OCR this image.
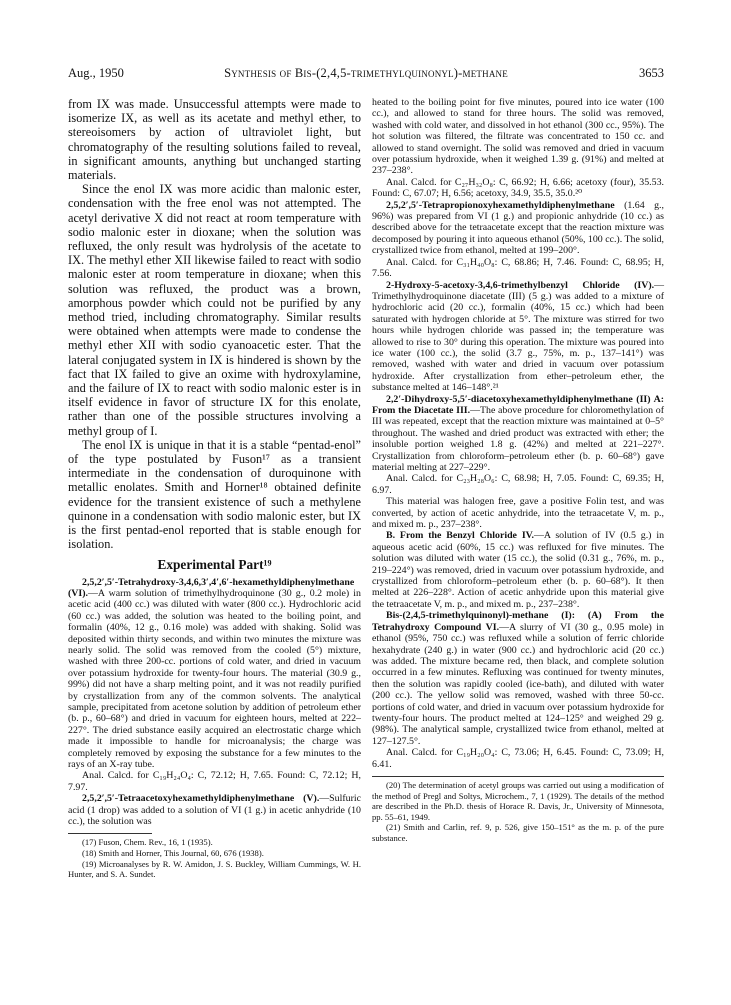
Aug., 1950	Synthesis of Bis-(2,4,5-trimethylquinonyl)-methane	3653

from IX was made. Unsuccessful attempts were made to isomerize IX, as well as its acetate and methyl ether, to stereoisomers by action of ultraviolet light, but chromatography of the resulting solutions failed to reveal, in significant amounts, anything but unchanged starting materials.

Since the enol IX was more acidic than malonic ester, condensation with the free enol was not attempted. The acetyl derivative X did not react at room temperature with sodio malonic ester in dioxane; when the solution was refluxed, the only result was hydrolysis of the acetate to IX. The methyl ether XII likewise failed to react with sodio malonic ester at room temperature in dioxane; when this solution was refluxed, the product was a brown, amorphous powder which could not be purified by any method tried, including chromatography. Similar results were obtained when attempts were made to condense the methyl ether XII with sodio cyanoacetic ester. That the lateral conjugated system in IX is hindered is shown by the fact that IX failed to give an oxime with hydroxylamine, and the failure of IX to react with sodio malonic ester is in itself evidence in favor of structure IX for this enolate, rather than one of the possible structures involving a methyl group of I.

The enol IX is unique in that it is a stable “pentad-enol” of the type postulated by Fuson¹⁷ as a transient intermediate in the condensation of duroquinone with metallic enolates. Smith and Horner¹⁸ obtained definite evidence for the transient existence of such a methylene quinone in a condensation with sodio malonic ester, but IX is the first pentad-enol reported that is stable enough for isolation.

Experimental Part¹⁹

2,5,2′,5′-Tetrahydroxy-3,4,6,3′,4′,6′-hexamethyldiphenylmethane (VI).—A warm solution of trimethylhydroquinone (30 g., 0.2 mole) in acetic acid (400 cc.) was diluted with water (800 cc.). Hydrochloric acid (60 cc.) was added, the solution was heated to the boiling point, and formalin (40%, 12 g., 0.16 mole) was added with shaking. Solid was deposited within thirty seconds, and within two minutes the mixture was nearly solid. The solid was removed from the cooled (5°) mixture, washed with three 200-cc. portions of cold water, and dried in vacuum over potassium hydroxide for twenty-four hours. The material (30.9 g., 99%) did not have a sharp melting point, and it was not readily purified by crystallization from any of the common solvents. The analytical sample, precipitated from acetone solution by addition of petroleum ether (b. p., 60–68°) and dried in vacuum for eighteen hours, melted at 222–227°. The dried substance easily acquired an electrostatic charge which made it impossible to handle for microanalysis; the charge was completely removed by exposing the substance for a few minutes to the rays of an X-ray tube.

Anal. Calcd. for C₁₉H₂₄O₄: C, 72.12; H, 7.65. Found: C, 72.12; H, 7.97.

2,5,2′,5′-Tetraacetoxyhexamethyldiphenylmethane (V).—Sulfuric acid (1 drop) was added to a solution of VI (1 g.) in acetic anhydride (10 cc.), the solution was

(17) Fuson, Chem. Rev., 16, 1 (1935).

(18) Smith and Horner, This Journal, 60, 676 (1938).

(19) Microanalyses by R. W. Amidon, J. S. Buckley, William Cummings, W. H. Hunter, and S. A. Sundet.

heated to the boiling point for five minutes, poured into ice water (100 cc.), and allowed to stand for three hours. The solid was removed, washed with cold water, and dissolved in hot ethanol (300 cc., 95%). The hot solution was filtered, the filtrate was concentrated to 150 cc. and allowed to stand overnight. The solid was removed and dried in vacuum over potassium hydroxide, when it weighed 1.39 g. (91%) and melted at 237–238°.

Anal. Calcd. for C₂₇H₃₂O₈: C, 66.92; H, 6.66; acetoxy (four), 35.53. Found: C, 67.07; H, 6.56; acetoxy, 34.9, 35.5, 35.0.²⁰

2,5,2′,5′-Tetrapropionoxyhexamethyldiphenylmethane (1.64 g., 96%) was prepared from VI (1 g.) and propionic anhydride (10 cc.) as described above for the tetraacetate except that the reaction mixture was decomposed by pouring it into aqueous ethanol (50%, 100 cc.). The solid, crystallized twice from ethanol, melted at 199–200°.

Anal. Calcd. for C₃₁H₄₀O₈: C, 68.86; H, 7.46. Found: C, 68.95; H, 7.56.

2-Hydroxy-5-acetoxy-3,4,6-trimethylbenzyl Chloride (IV).—Trimethylhydroquinone diacetate (III) (5 g.) was added to a mixture of hydrochloric acid (20 cc.), formalin (40%, 15 cc.) which had been saturated with hydrogen chloride at 5°. The mixture was stirred for two hours while hydrogen chloride was passed in; the temperature was allowed to rise to 30° during this operation. The mixture was poured into ice water (100 cc.), the solid (3.7 g., 75%, m. p., 137–141°) was removed, washed with water and dried in vacuum over potassium hydroxide. After crystallization from ether–petroleum ether, the substance melted at 146–148°.²¹

2,2′-Dihydroxy-5,5′-diacetoxyhexamethyldiphenylmethane (II) A: From the Diacetate III.—The above procedure for chloromethylation of III was repeated, except that the reaction mixture was maintained at 0–5° throughout. The washed and dried product was extracted with ether; the insoluble portion weighed 1.8 g. (42%) and melted at 221–227°. Crystallization from chloroform–petroleum ether (b. p. 60–68°) gave material melting at 227–229°.

Anal. Calcd. for C₂₃H₂₈O₆: C, 68.98; H, 7.05. Found: C, 69.35; H, 6.97.

This material was halogen free, gave a positive Folin test, and was converted, by action of acetic anhydride, into the tetraacetate V, m. p., and mixed m. p., 237–238°.

B. From the Benzyl Chloride IV.—A solution of IV (0.5 g.) in aqueous acetic acid (60%, 15 cc.) was refluxed for five minutes. The solution was diluted with water (15 cc.), the solid (0.31 g., 76%, m. p., 219–224°) was removed, dried in vacuum over potassium hydroxide, and crystallized from chloroform–petroleum ether (b. p. 60–68°). It then melted at 226–228°. Action of acetic anhydride upon this material give the tetraacetate V, m. p., and mixed m. p., 237–238°.

Bis-(2,4,5-trimethylquinonyl)-methane (I): (A) From the Tetrahydroxy Compound VI.—A slurry of VI (30 g., 0.95 mole) in ethanol (95%, 750 cc.) was refluxed while a solution of ferric chloride hexahydrate (240 g.) in water (900 cc.) and hydrochloric acid (20 cc.) was added. The mixture became red, then black, and complete solution occurred in a few minutes. Refluxing was continued for twenty minutes, then the solution was rapidly cooled (ice-bath), and diluted with water (200 cc.). The yellow solid was removed, washed with three 50-cc. portions of cold water, and dried in vacuum over potassium hydroxide for twenty-four hours. The product melted at 124–125° and weighed 29 g. (98%). The analytical sample, crystallized twice from ethanol, melted at 127–127.5°.

Anal. Calcd. for C₁₉H₂₀O₄: C, 73.06; H, 6.45. Found: C, 73.09; H, 6.41.

(20) The determination of acetyl groups was carried out using a modification of the method of Pregl and Soltys, Microchem., 7, 1 (1929). The details of the method are described in the Ph.D. thesis of Horace R. Davis, Jr., University of Minnesota, pp. 55–61, 1949.

(21) Smith and Carlin, ref. 9, p. 526, give 150–151° as the m. p. of the pure substance.
